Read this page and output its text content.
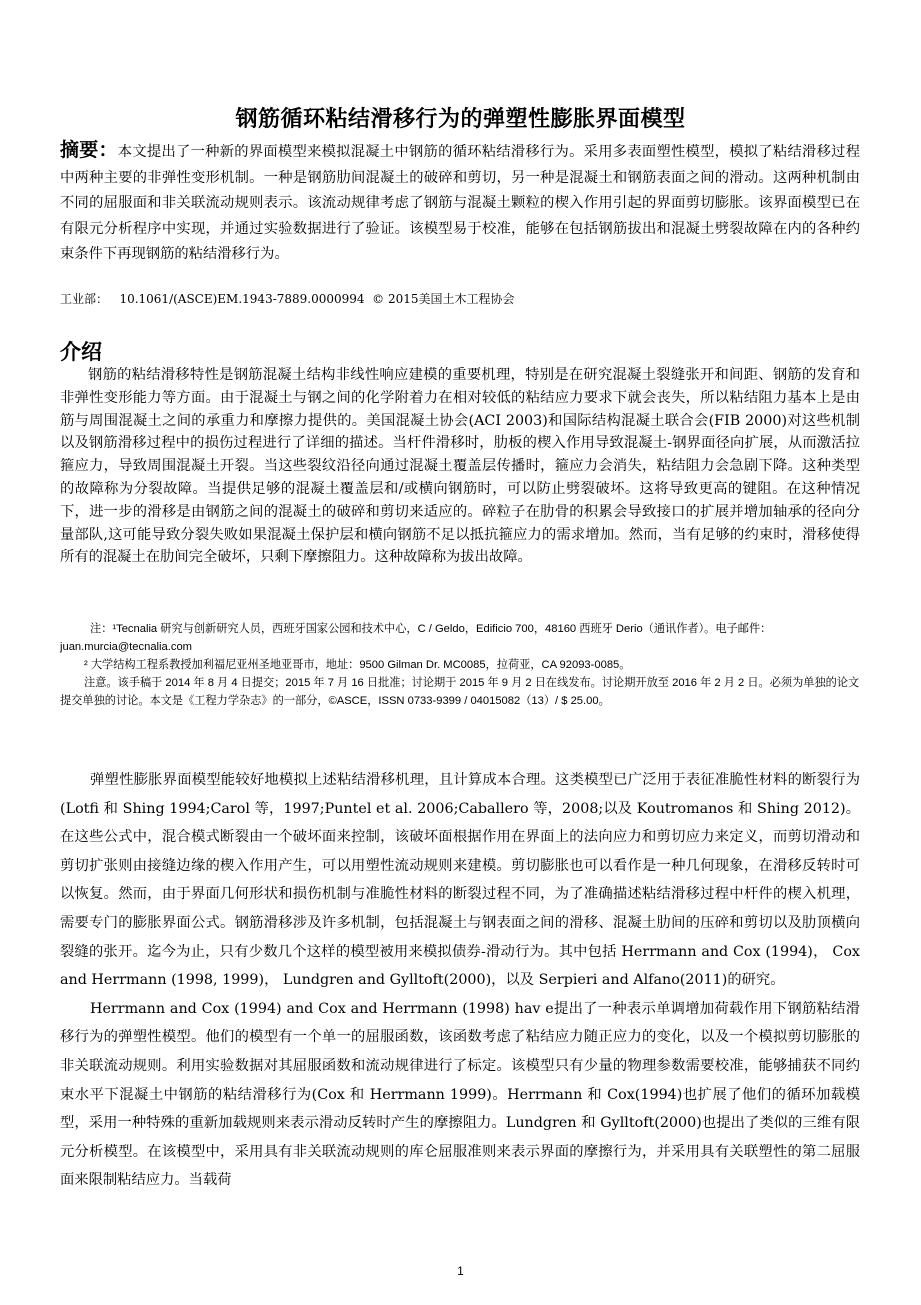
钢筋循环粘结滑移行为的弹塑性膨胀界面模型
摘要：本文提出了一种新的界面模型来模拟混凝土中钢筋的循环粘结滑移行为。采用多表面塑性模型，模拟了粘结滑移过程中两种主要的非弹性变形机制。一种是钢筋肋间混凝土的破碎和剪切，另一种是混凝土和钢筋表面之间的滑动。这两种机制由不同的屈服面和非关联流动规则表示。该流动规律考虑了钢筋与混凝土颗粒的楔入作用引起的界面剪切膨胀。该界面模型已在有限元分析程序中实现，并通过实验数据进行了验证。该模型易于校准，能够在包括钢筋拔出和混凝土劈裂故障在内的各种约束条件下再现钢筋的粘结滑移行为。
工业部：   10.1061/(ASCE)EM.1943-7889.0000994  © 2015美国土木工程协会
介绍
钢筋的粘结滑移特性是钢筋混凝土结构非线性响应建模的重要机理，特别是在研究混凝土裂缝张开和间距、钢筋的发育和非弹性变形能力等方面。由于混凝土与钢之间的化学附着力在相对较低的粘结应力要求下就会丧失，所以粘结阻力基本上是由筋与周围混凝土之间的承重力和摩擦力提供的。美国混凝土协会(ACI 2003)和国际结构混凝土联合会(FIB 2000)对这些机制以及钢筋滑移过程中的损伤过程进行了详细的描述。当杆件滑移时，肋板的楔入作用导致混凝土-钢界面径向扩展，从而激活拉箍应力，导致周围混凝土开裂。当这些裂纹沿径向通过混凝土覆盖层传播时，箍应力会消失，粘结阻力会急剧下降。这种类型的故障称为分裂故障。当提供足够的混凝土覆盖层和/或横向钢筋时，可以防止劈裂破坏。这将导致更高的键阻。在这种情况下，进一步的滑移是由钢筋之间的混凝土的破碎和剪切来适应的。碎粒子在肋骨的积累会导致接口的扩展并增加轴承的径向分量部队,这可能导致分裂失败如果混凝土保护层和横向钢筋不足以抵抗箍应力的需求增加。然而，当有足够的约束时，滑移使得所有的混凝土在肋间完全破坏，只剩下摩擦阻力。这种故障称为拔出故障。

注：¹Tecnalia 研究与创新研究人员，西班牙国家公园和技术中心，C / Geldo，Edificio 700，48160 西班牙 Derio（通讯作者）。电子邮件：juan.murcia@tecnalia.com

² 大学结构工程系教授加利福尼亚州圣地亚哥市，地址：9500 Gilman Dr. MC0085，拉荷亚，CA 92093-0085。

注意。该手稿于 2014 年 8 月 4 日提交；2015 年 7 月 16 日批准；讨论期于 2015 年 9 月 2 日在线发布。讨论期开放至 2016 年 2 月 2 日。必须为单独的论文提交单独的讨论。本文是《工程力学杂志》的一部分，©ASCE，ISSN 0733-9399 / 04015082（13）/ $ 25.00。

弹塑性膨胀界面模型能较好地模拟上述粘结滑移机理，且计算成本合理。这类模型已广泛用于表征准脆性材料的断裂行为(Lotfi 和 Shing 1994;Carol 等，1997;Puntel et al. 2006;Caballero 等，2008;以及 Koutromanos 和 Shing 2012)。在这些公式中，混合模式断裂由一个破坏面来控制，该破坏面根据作用在界面上的法向应力和剪切应力来定义，而剪切滑动和剪切扩张则由接缝边缘的楔入作用产生，可以用塑性流动规则来建模。剪切膨胀也可以看作是一种几何现象，在滑移反转时可以恢复。然而，由于界面几何形状和损伤机制与准脆性材料的断裂过程不同，为了准确描述粘结滑移过程中杆件的楔入机理，需要专门的膨胀界面公式。钢筋滑移涉及许多机制，包括混凝土与钢表面之间的滑移、混凝土肋间的压碎和剪切以及肋顶横向裂缝的张开。迄今为止，只有少数几个这样的模型被用来模拟债券-滑动行为。其中包括 Herrmann and Cox (1994)， Cox and Herrmann (1998, 1999)， Lundgren and Gylltoft(2000)，以及 Serpieri and Alfano(2011)的研究。

Herrmann and Cox (1994) and Cox and Herrmann (1998) hav e提出了一种表示单调增加荷载作用下钢筋粘结滑移行为的弹塑性模型。他们的模型有一个单一的屈服函数，该函数考虑了粘结应力随正应力的变化，以及一个模拟剪切膨胀的非关联流动规则。利用实验数据对其屈服函数和流动规律进行了标定。该模型只有少量的物理参数需要校准，能够捕获不同约束水平下混凝土中钢筋的粘结滑移行为(Cox 和 Herrmann 1999)。Herrmann 和 Cox(1994)也扩展了他们的循环加载模型，采用一种特殊的重新加载规则来表示滑动反转时产生的摩擦阻力。Lundgren 和 Gylltoft(2000)也提出了类似的三维有限元分析模型。在该模型中，采用具有非关联流动规则的库仑屈服准则来表示界面的摩擦行为，并采用具有关联塑性的第二屈服面来限制粘结应力。当载荷

1
